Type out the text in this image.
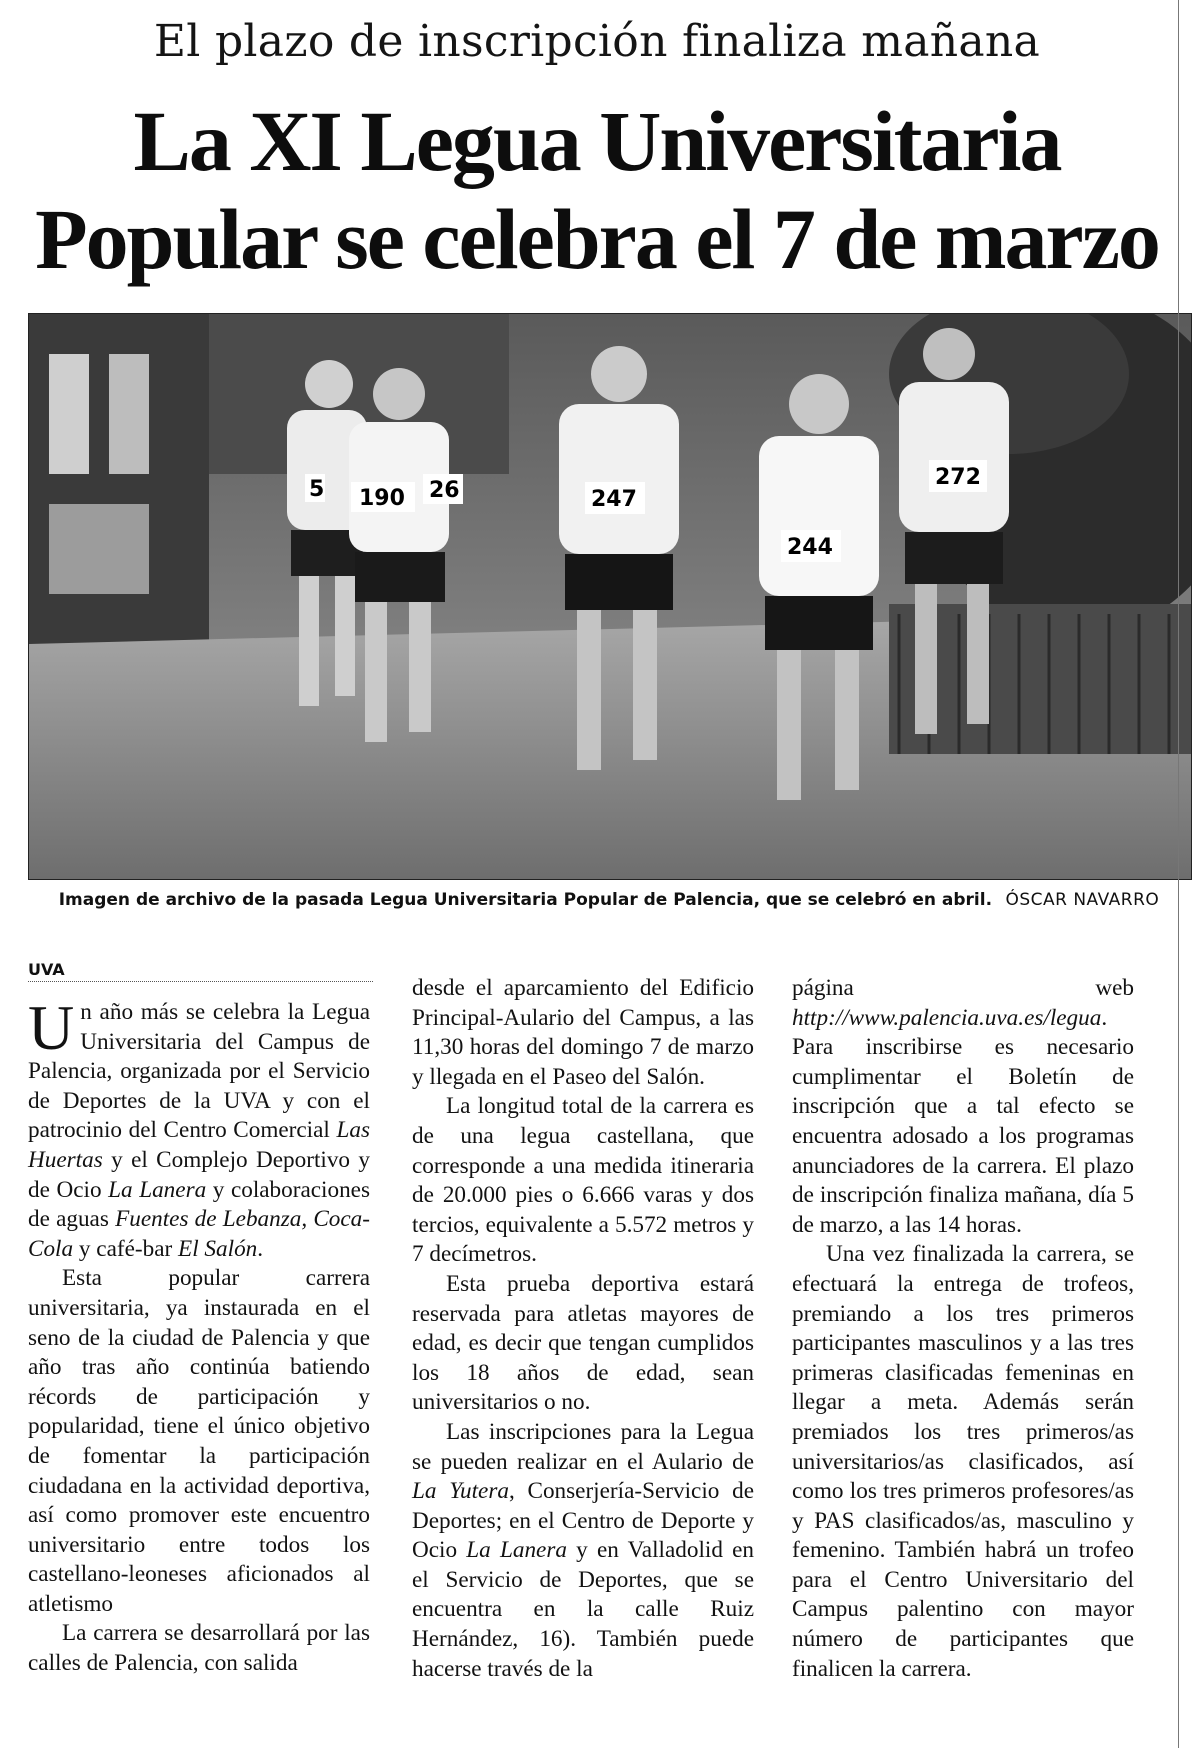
El plazo de inscripción finaliza mañana
La XI Legua Universitaria
Popular se celebra el 7 de marzo
5 190 26	247
244
272
Imagen de archivo de la pasada Legua Universitaria Popular de Palencia, que se celebró en abril. ÓSCAR NAVARRO
UVA

Un año más se celebra la Legua Universitaria del Campus de Palencia, organizada por el Servicio de Deportes de la UVA y con el patrocinio del Centro Comercial Las Huertas y el Complejo Deportivo y de Ocio La Lanera y colaboraciones de aguas Fuentes de Lebanza, Coca-Cola y café-bar El Salón.

Esta popular carrera universitaria, ya instaurada en el seno de la ciudad de Palencia y que año tras año continúa batiendo récords de participación y popularidad, tiene el único objetivo de fomentar la participación ciudadana en la actividad deportiva, así como promover este encuentro universitario entre todos los castellano-leoneses aficionados al atletismo

La carrera se desarrollará por las calles de Palencia, con salida

desde el aparcamiento del Edificio Principal-Aulario del Campus, a las 11,30 horas del domingo 7 de marzo y llegada en el Paseo del Salón.

La longitud total de la carrera es de una legua castellana, que corresponde a una medida itineraria de 20.000 pies o 6.666 varas y dos tercios, equivalente a 5.572 metros y 7 decímetros.

Esta prueba deportiva estará reservada para atletas mayores de edad, es decir que tengan cumplidos los 18 años de edad, sean universitarios o no.

Las inscripciones para la Legua se pueden realizar en el Aulario de La Yutera, Conserjería-Servicio de Deportes; en el Centro de Deporte y Ocio La Lanera y en Valladolid en el Servicio de Deportes, que se encuentra en la calle Ruiz Hernández, 16). También puede hacerse través de la

página web http://www.palencia.uva.es/legua. Para inscribirse es necesario cumplimentar el Boletín de inscripción que a tal efecto se encuentra adosado a los programas anunciadores de la carrera. El plazo de inscripción finaliza mañana, día 5 de marzo, a las 14 horas.

Una vez finalizada la carrera, se efectuará la entrega de trofeos, premiando a los tres primeros participantes masculinos y a las tres primeras clasificadas femeninas en llegar a meta. Además serán premiados los tres primeros/as universitarios/as clasificados, así como los tres primeros profesores/as y PAS clasificados/as, masculino y femenino. También habrá un trofeo para el Centro Universitario del Campus palentino con mayor número de participantes que finalicen la carrera.
